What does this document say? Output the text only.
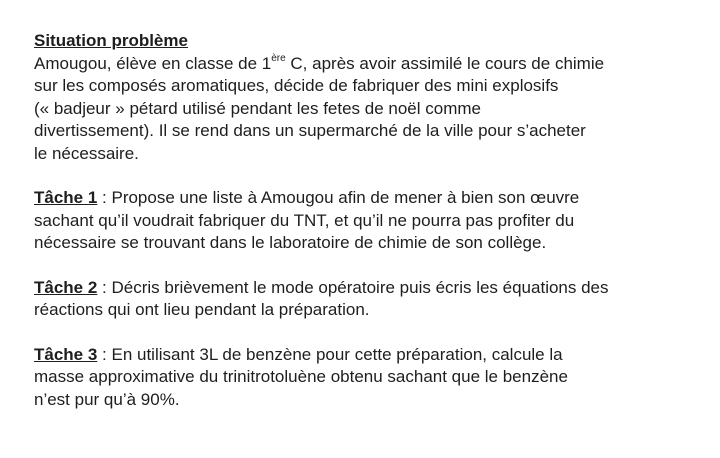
Situation problème
Amougou, élève en classe de 1ère C, après avoir assimilé le cours de chimie
sur les composés aromatiques, décide de fabriquer des mini explosifs
(« badjeur » pétard utilisé pendant les fetes de noël comme
divertissement). Il se rend dans un supermarché de la ville pour s’acheter
le nécessaire.
Tâche 1 : Propose une liste à Amougou afin de mener à bien son œuvre
sachant qu’il voudrait fabriquer du TNT, et qu’il ne pourra pas profiter du
nécessaire se trouvant dans le laboratoire de chimie de son collège.
Tâche 2 : Décris brièvement le mode opératoire puis écris les équations des
réactions qui ont lieu pendant la préparation.
Tâche 3 : En utilisant 3L de benzène pour cette préparation, calcule la
masse approximative du trinitrotoluène obtenu sachant que le benzène
n’est pur qu’à 90%.
